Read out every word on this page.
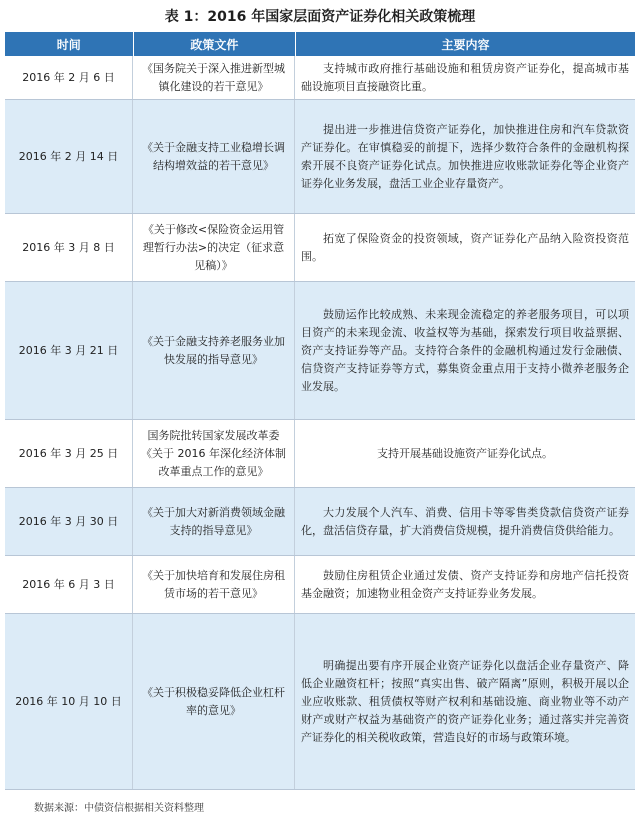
表 1：2016 年国家层面资产证券化相关政策梳理
时间	政策文件	主要内容
2016 年 2 月 6 日
《国务院关于深入推进新型城镇化建设的若干意见》
支持城市政府推行基础设施和租赁房资产证券化，提高城市基础设施项目直接融资比重。
2016 年 2 月 14 日
《关于金融支持工业稳增长调结构增效益的若干意见》
提出进一步推进信贷资产证券化，加快推进住房和汽车贷款资产证券化。在审慎稳妥的前提下，选择少数符合条件的金融机构探索开展不良资产证券化试点。加快推进应收账款证券化等企业资产证券化业务发展，盘活工业企业存量资产。
2016 年 3 月 8 日
《关于修改<保险资金运用管理暂行办法>的决定（征求意见稿）》
拓宽了保险资金的投资领域，资产证券化产品纳入险资投资范围。
2016 年 3 月 21 日
《关于金融支持养老服务业加快发展的指导意见》
鼓励运作比较成熟、未来现金流稳定的养老服务项目，可以项目资产的未来现金流、收益权等为基础，探索发行项目收益票据、资产支持证券等产品。支持符合条件的金融机构通过发行金融债、信贷资产支持证券等方式，募集资金重点用于支持小微养老服务企业发展。
2016 年 3 月 25 日
国务院批转国家发展改革委《关于 2016 年深化经济体制改革重点工作的意见》
支持开展基础设施资产证券化试点。
2016 年 3 月 30 日
《关于加大对新消费领域金融支持的指导意见》
大力发展个人汽车、消费、信用卡等零售类贷款信贷资产证券化，盘活信贷存量，扩大消费信贷规模，提升消费信贷供给能力。
2016 年 6 月 3 日
《关于加快培育和发展住房租赁市场的若干意见》
鼓励住房租赁企业通过发债、资产支持证券和房地产信托投资基金融资；加速物业租金资产支持证券业务发展。
2016 年 10 月 10 日
《关于积极稳妥降低企业杠杆率的意见》
明确提出要有序开展企业资产证券化以盘活企业存量资产、降低企业融资杠杆；按照“真实出售、破产隔离”原则，积极开展以企业应收账款、租赁债权等财产权利和基础设施、商业物业等不动产财产或财产权益为基础资产的资产证券化业务；通过落实并完善资产证券化的相关税收政策，营造良好的市场与政策环境。
数据来源：中债资信根据相关资料整理
